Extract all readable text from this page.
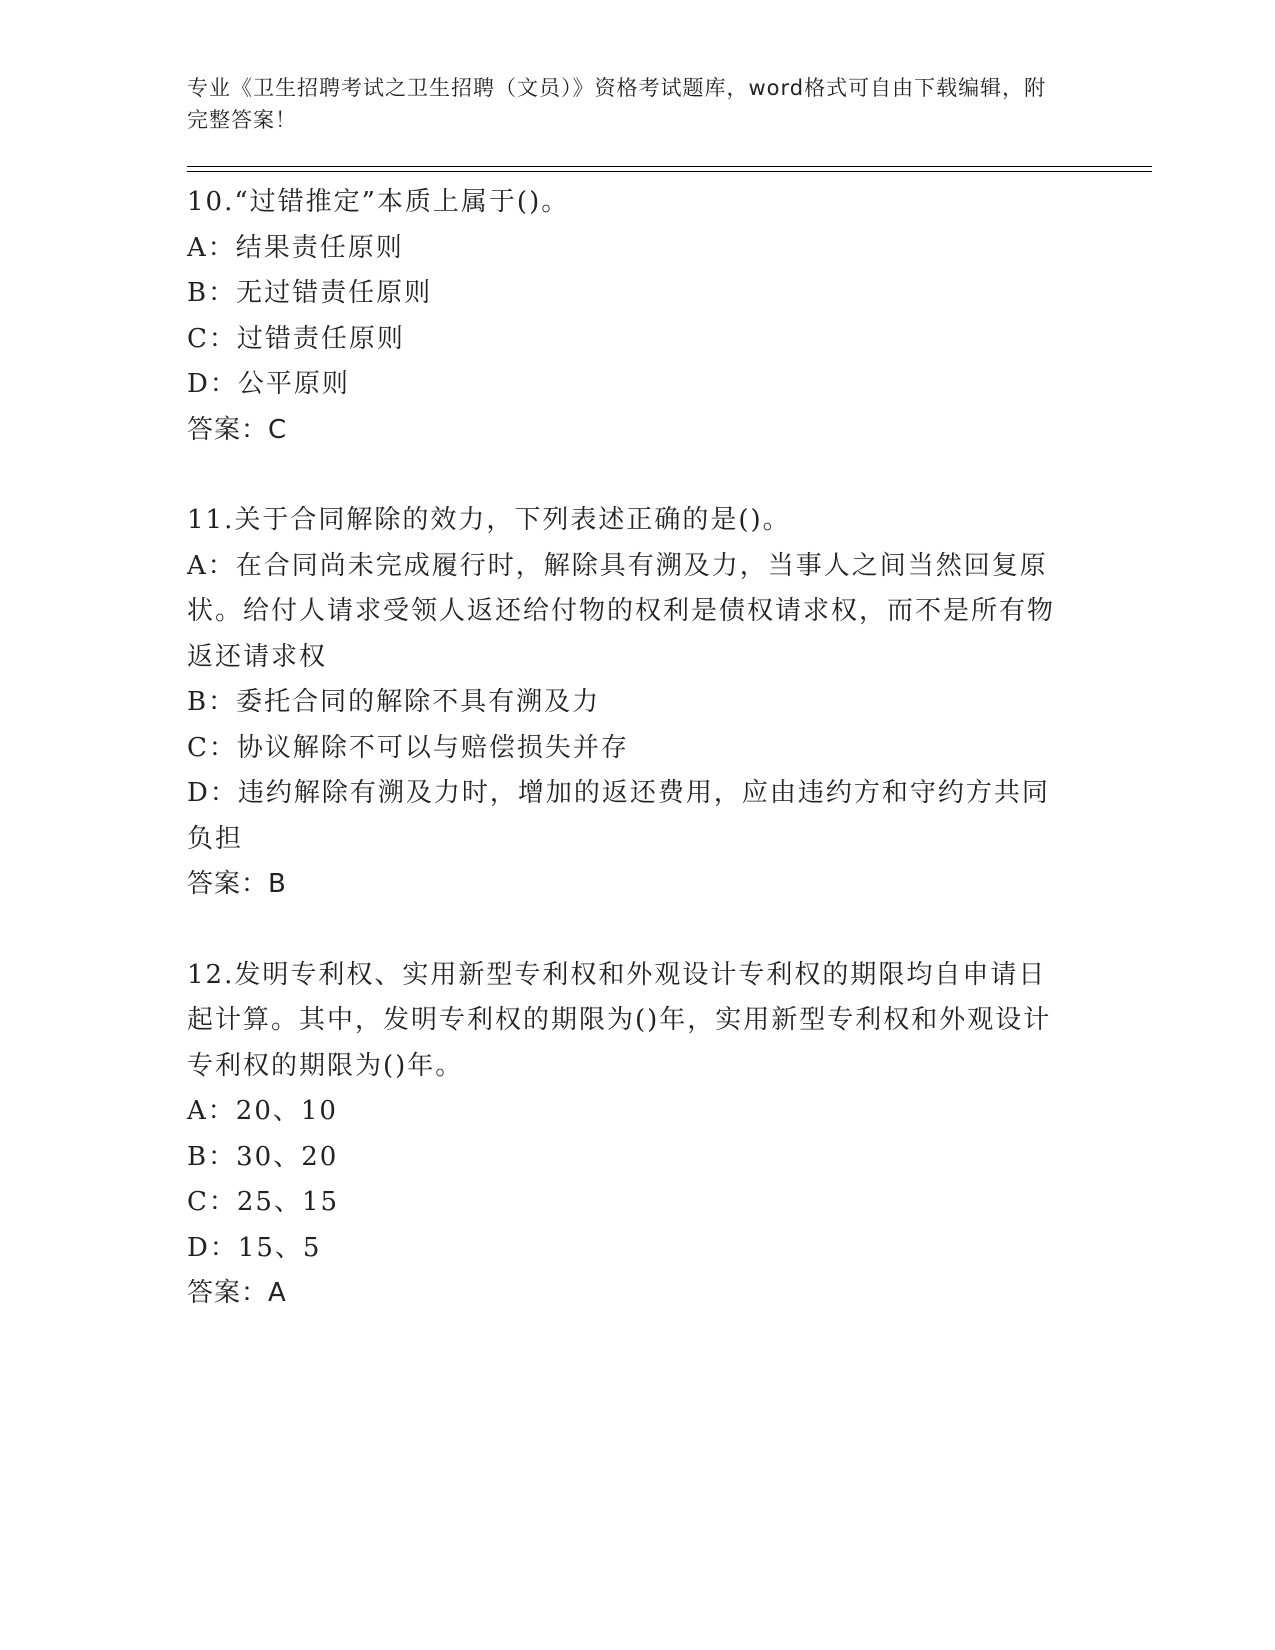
专业《卫生招聘考试之卫生招聘（文员）》资格考试题库，word格式可自由下载编辑，附完整答案！

10.“过错推定”本质上属于()。

A：结果责任原则

B：无过错责任原则

C：过错责任原则

D：公平原则

答案：C

11.关于合同解除的效力，下列表述正确的是()。

A：在合同尚未完成履行时，解除具有溯及力，当事人之间当然回复原状。给付人请求受领人返还给付物的权利是债权请求权，而不是所有物返还请求权

B：委托合同的解除不具有溯及力

C：协议解除不可以与赔偿损失并存

D：违约解除有溯及力时，增加的返还费用，应由违约方和守约方共同负担

答案：B

12.发明专利权、实用新型专利权和外观设计专利权的期限均自申请日起计算。其中，发明专利权的期限为()年，实用新型专利权和外观设计专利权的期限为()年。

A：20、10

B：30、20

C：25、15

D：15、5

答案：A
